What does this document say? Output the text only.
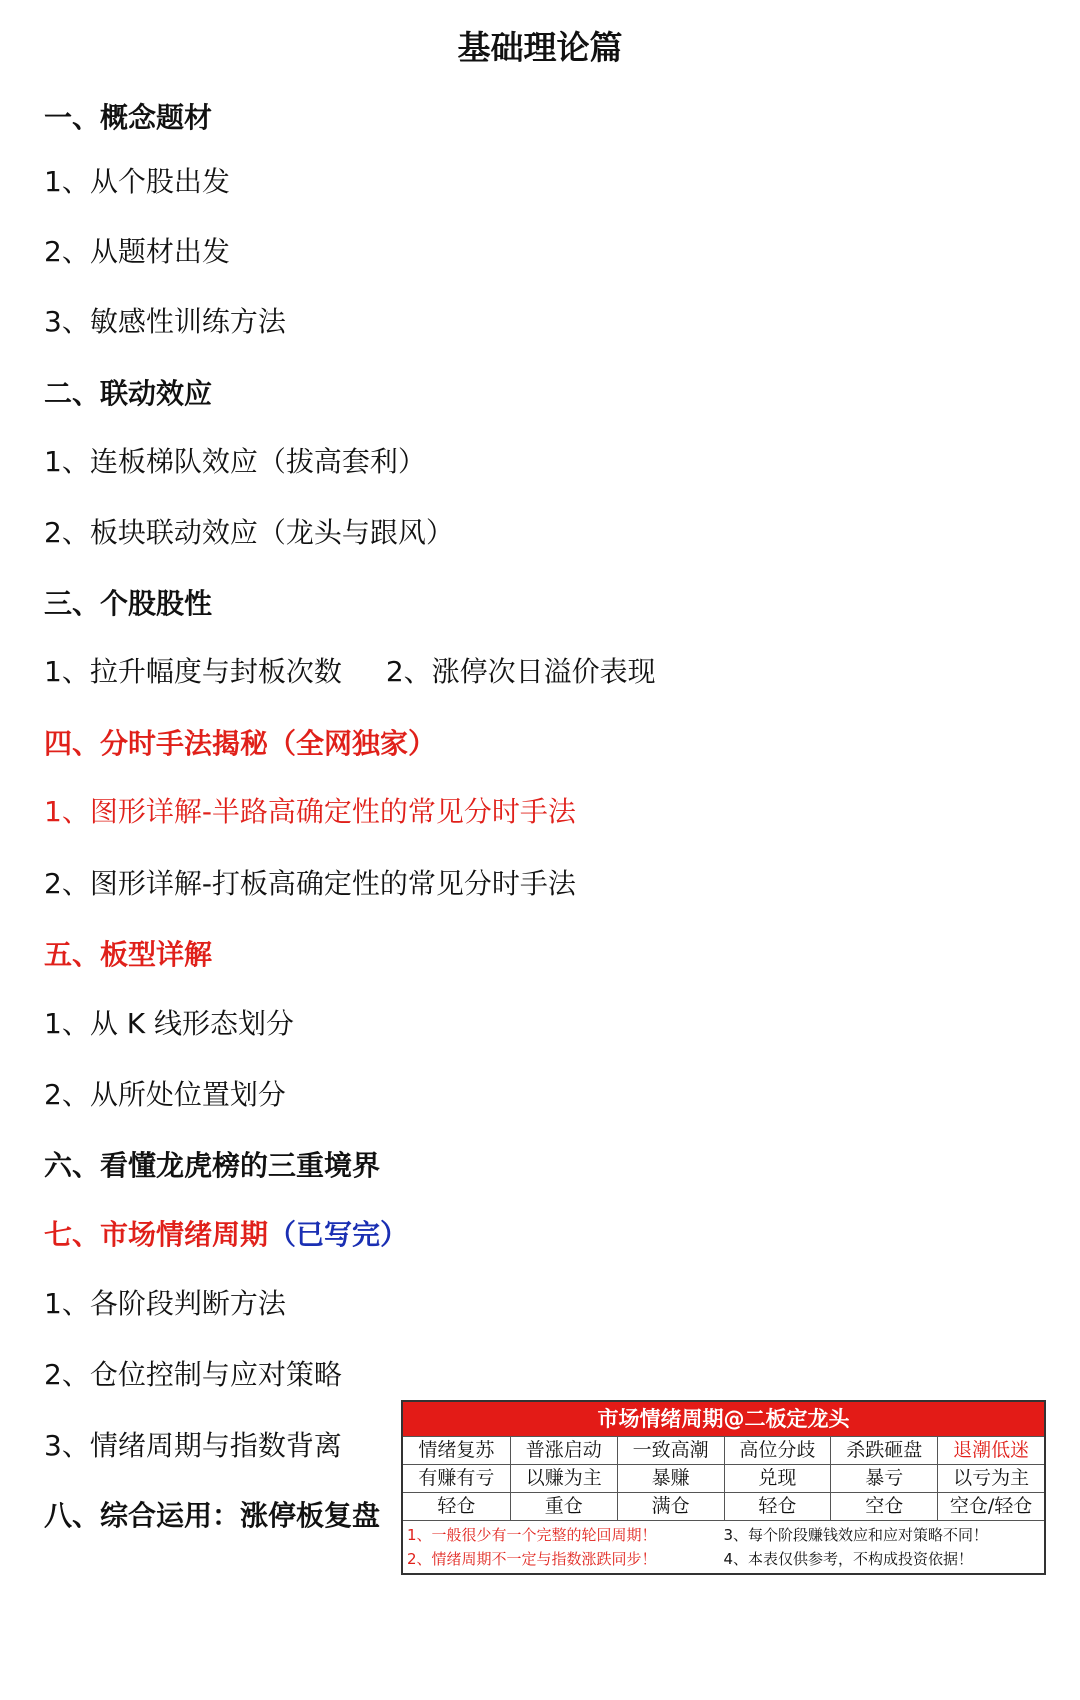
基础理论篇
一、概念题材
1、从个股出发
2、从题材出发
3、敏感性训练方法
二、联动效应
1、连板梯队效应（拔高套利）
2、板块联动效应（龙头与跟风）
三、个股股性
1、拉升幅度与封板次数 2、涨停次日溢价表现
四、分时手法揭秘（全网独家）
1、图形详解-半路高确定性的常见分时手法
2、图形详解-打板高确定性的常见分时手法
五、板型详解
1、从 K 线形态划分
2、从所处位置划分
六、看懂龙虎榜的三重境界
七、市场情绪周期（已写完）
1、各阶段判断方法
2、仓位控制与应对策略
3、情绪周期与指数背离
八、综合运用：涨停板复盘
市场情绪周期@二板定龙头
情绪复苏	普涨启动	一致高潮	高位分歧	杀跌砸盘	退潮低迷
有赚有亏	以赚为主	暴赚	兑现	暴亏	以亏为主
轻仓	重仓	满仓	轻仓	空仓	空仓/轻仓
1、一般很少有一个完整的轮回周期！	3、每个阶段赚钱效应和应对策略不同！
2、情绪周期不一定与指数涨跌同步！	4、本表仅供参考，不构成投资依据！
